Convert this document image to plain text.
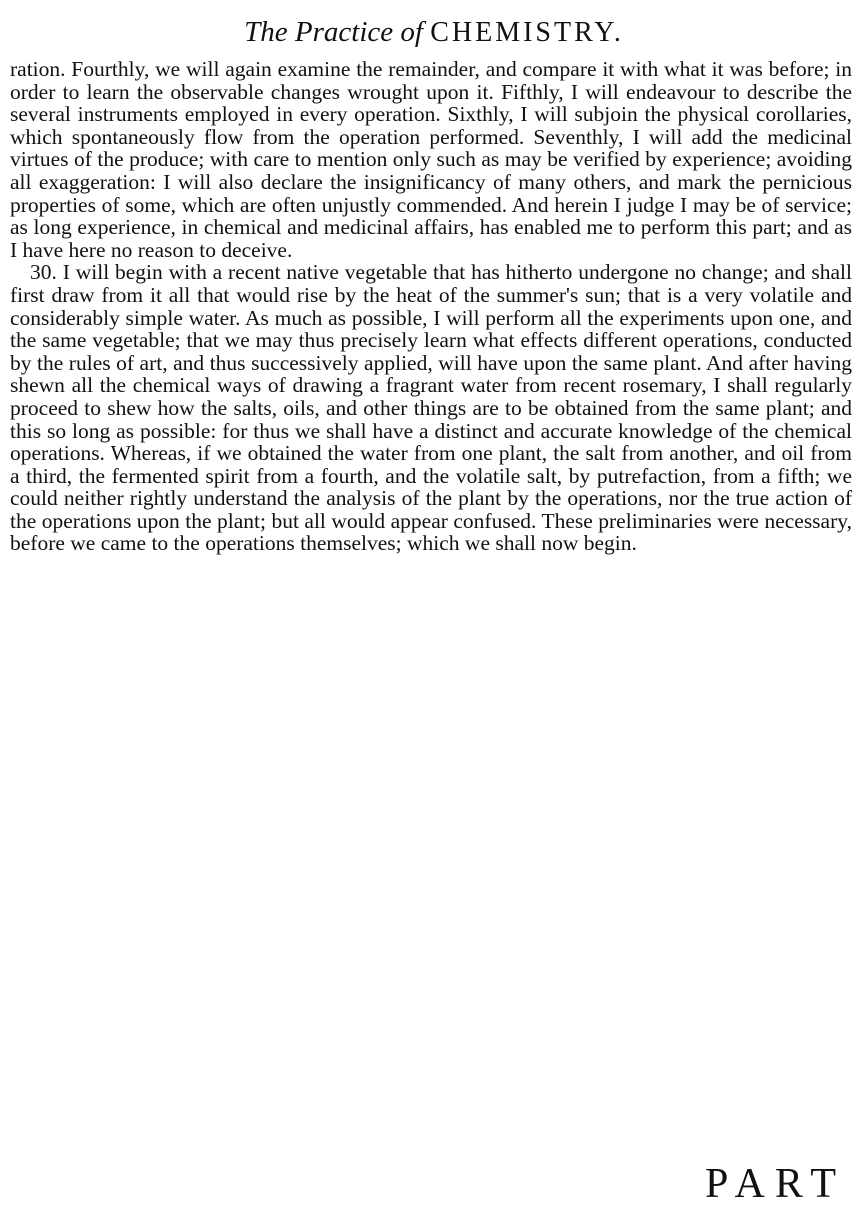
The Practice of CHEMISTRY.

ration. Fourthly, we will again examine the remainder, and compare it with what it was before; in order to learn the observable changes wrought upon it. Fifthly, I will endeavour to describe the several instruments employed in every operation. Sixthly, I will subjoin the physical corollaries, which spontaneously flow from the operation performed. Seventhly, I will add the medicinal virtues of the produce; with care to mention only such as may be verified by experience; avoiding all exaggeration: I will also declare the insignificancy of many others, and mark the pernicious properties of some, which are often unjustly commended. And herein I judge I may be of service; as long experience, in chemical and medicinal affairs, has enabled me to perform this part; and as I have here no reason to deceive.

30. I will begin with a recent native vegetable that has hitherto undergone no change; and shall first draw from it all that would rise by the heat of the summer's sun; that is a very volatile and considerably simple water. As much as possible, I will perform all the experiments upon one, and the same vegetable; that we may thus precisely learn what effects different operations, conducted by the rules of art, and thus successively applied, will have upon the same plant. And after having shewn all the chemical ways of drawing a fragrant water from recent rosemary, I shall regularly proceed to shew how the salts, oils, and other things are to be obtained from the same plant; and this so long as possible: for thus we shall have a distinct and accurate knowledge of the chemical operations. Whereas, if we obtained the water from one plant, the salt from another, and oil from a third, the fermented spirit from a fourth, and the volatile salt, by putrefaction, from a fifth; we could neither rightly understand the analysis of the plant by the operations, nor the true action of the operations upon the plant; but all would appear confused. These preliminaries were necessary, before we came to the operations themselves; which we shall now begin.

PART
